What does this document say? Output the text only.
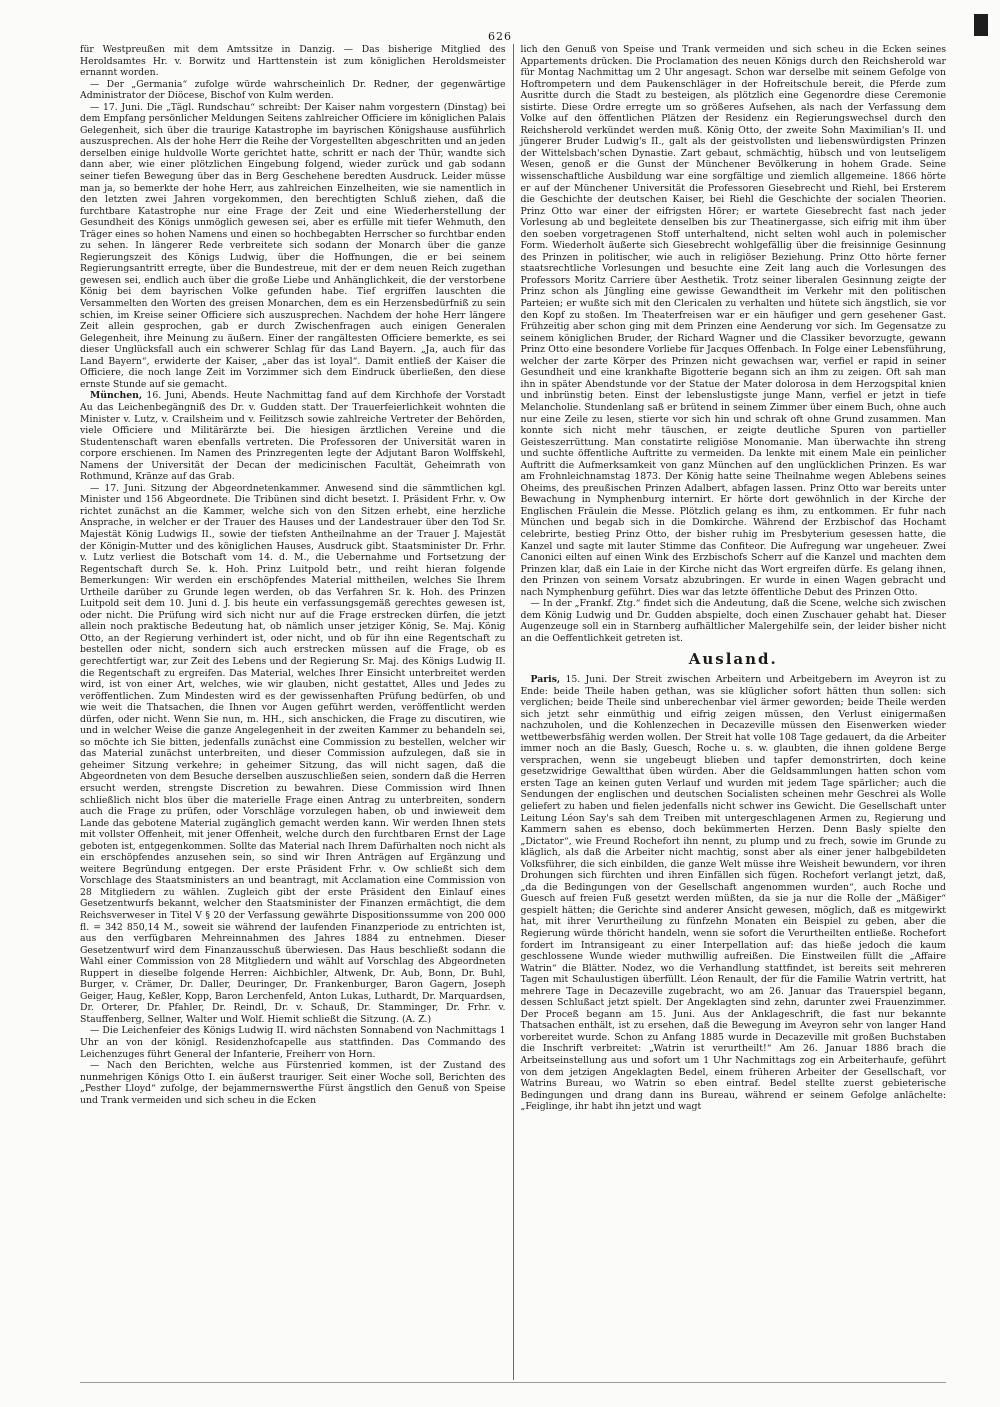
626

für Westpreußen mit dem Amtssitze in Danzig. — Das bisherige Mitglied des Heroldsamtes Hr. v. Borwitz und Harttenstein ist zum königlichen Heroldsmeister ernannt worden.

— Der „Germania“ zufolge würde wahrscheinlich Dr. Redner, der gegenwärtige Administrator der Diöcese, Bischof von Kulm werden.

— 17. Juni. Die „Tägl. Rundschau“ schreibt: Der Kaiser nahm vorgestern (Dinstag) bei dem Empfang persönlicher Meldungen Seitens zahlreicher Officiere im königlichen Palais Gelegenheit, sich über die traurige Katastrophe im bayrischen Königshause ausführlich auszusprechen. Als der hohe Herr die Reihe der Vorgestellten abgeschritten und an jeden derselben einige huldvolle Worte gerichtet hatte, schritt er nach der Thür, wandte sich dann aber, wie einer plötzlichen Eingebung folgend, wieder zurück und gab sodann seiner tiefen Bewegung über das in Berg Geschehene beredten Ausdruck. Leider müsse man ja, so bemerkte der hohe Herr, aus zahlreichen Einzelheiten, wie sie namentlich in den letzten zwei Jahren vorgekommen, den berechtigten Schluß ziehen, daß die furchtbare Katastrophe nur eine Frage der Zeit und eine Wiederherstellung der Gesundheit des Königs unmöglich gewesen sei, aber es erfülle mit tiefer Wehmuth, den Träger eines so hohen Namens und einen so hochbegabten Herrscher so furchtbar enden zu sehen. In längerer Rede verbreitete sich sodann der Monarch über die ganze Regierungszeit des Königs Ludwig, über die Hoffnungen, die er bei seinem Regierungsantritt erregte, über die Bundestreue, mit der er dem neuen Reich zugethan gewesen sei, endlich auch über die große Liebe und Anhänglichkeit, die der verstorbene König bei dem bayrischen Volke gefunden habe. Tief ergriffen lauschten die Versammelten den Worten des greisen Monarchen, dem es ein Herzensbedürfniß zu sein schien, im Kreise seiner Officiere sich auszusprechen. Nachdem der hohe Herr längere Zeit allein gesprochen, gab er durch Zwischenfragen auch einigen Generalen Gelegenheit, ihre Meinung zu äußern. Einer der rangältesten Officiere bemerkte, es sei dieser Unglücksfall auch ein schwerer Schlag für das Land Bayern. „Ja, auch für das Land Bayern“, erwiderte der Kaiser, „aber das ist loyal“. Damit entließ der Kaiser die Officiere, die noch lange Zeit im Vorzimmer sich dem Eindruck überließen, den diese ernste Stunde auf sie gemacht.

München, 16. Juni, Abends. Heute Nachmittag fand auf dem Kirchhofe der Vorstadt Au das Leichenbegängniß des Dr. v. Gudden statt. Der Trauerfeierlichkeit wohnten die Minister v. Lutz, v. Crailsheim und v. Feilitzsch sowie zahlreiche Vertreter der Behörden, viele Officiere und Militärärzte bei. Die hiesigen ärztlichen Vereine und die Studentenschaft waren ebenfalls vertreten. Die Professoren der Universität waren in corpore erschienen. Im Namen des Prinzregenten legte der Adjutant Baron Wolffskehl, Namens der Universität der Decan der medicinischen Facultät, Geheimrath von Rothmund, Kränze auf das Grab.

— 17. Juni. Sitzung der Abgeordnetenkammer. Anwesend sind die sämmtlichen kgl. Minister und 156 Abgeordnete. Die Tribünen sind dicht besetzt. I. Präsident Frhr. v. Ow richtet zunächst an die Kammer, welche sich von den Sitzen erhebt, eine herzliche Ansprache, in welcher er der Trauer des Hauses und der Landestrauer über den Tod Sr. Majestät König Ludwigs II., sowie der tiefsten Antheilnahme an der Trauer J. Majestät der Königin-Mutter und des königlichen Hauses, Ausdruck gibt. Staatsminister Dr. Frhr. v. Lutz verliest die Botschaft vom 14. d. M., die Uebernahme und Fortsetzung der Regentschaft durch Se. k. Hoh. Prinz Luitpold betr., und reiht hieran folgende Bemerkungen: Wir werden ein erschöpfendes Material mittheilen, welches Sie Ihrem Urtheile darüber zu Grunde legen werden, ob das Verfahren Sr. k. Hoh. des Prinzen Luitpold seit dem 10. Juni d. J. bis heute ein verfassungsgemäß gerechtes gewesen ist, oder nicht. Die Prüfung wird sich nicht nur auf die Frage erstrecken dürfen, die jetzt allein noch praktische Bedeutung hat, ob nämlich unser jetziger König, Se. Maj. König Otto, an der Regierung verhindert ist, oder nicht, und ob für ihn eine Regentschaft zu bestellen oder nicht, sondern sich auch erstrecken müssen auf die Frage, ob es gerechtfertigt war, zur Zeit des Lebens und der Regierung Sr. Maj. des Königs Ludwig II. die Regentschaft zu ergreifen. Das Material, welches Ihrer Einsicht unterbreitet werden wird, ist von einer Art, welches, wie wir glauben, nicht gestattet, Alles und Jedes zu veröffentlichen. Zum Mindesten wird es der gewissenhaften Prüfung bedürfen, ob und wie weit die Thatsachen, die Ihnen vor Augen geführt werden, veröffentlicht werden dürfen, oder nicht. Wenn Sie nun, m. HH., sich anschicken, die Frage zu discutiren, wie und in welcher Weise die ganze Angelegenheit in der zweiten Kammer zu behandeln sei, so möchte ich Sie bitten, jedenfalls zunächst eine Commission zu bestellen, welcher wir das Material zunächst unterbreiten, und dieser Commission aufzulegen, daß sie in geheimer Sitzung verkehre; in geheimer Sitzung, das will nicht sagen, daß die Abgeordneten von dem Besuche derselben auszuschließen seien, sondern daß die Herren ersucht werden, strengste Discretion zu bewahren. Diese Commission wird Ihnen schließlich nicht blos über die materielle Frage einen Antrag zu unterbreiten, sondern auch die Frage zu prüfen, oder Vorschläge vorzulegen haben, ob und inwieweit dem Lande das gebotene Material zugänglich gemacht werden kann. Wir werden Ihnen stets mit vollster Offenheit, mit jener Offenheit, welche durch den furchtbaren Ernst der Lage geboten ist, entgegenkommen. Sollte das Material nach Ihrem Dafürhalten noch nicht als ein erschöpfendes anzusehen sein, so sind wir Ihren Anträgen auf Ergänzung und weitere Begründung entgegen. Der erste Präsident Frhr. v. Ow schließt sich dem Vorschlage des Staatsministers an und beantragt, mit Acclamation eine Commission von 28 Mitgliedern zu wählen. Zugleich gibt der erste Präsident den Einlauf eines Gesetzentwurfs bekannt, welcher den Staatsminister der Finanzen ermächtigt, die dem Reichsverweser in Titel V § 20 der Verfassung gewährte Dispositionssumme von 200 000 fl. = 342 850,14 M., soweit sie während der laufenden Finanzperiode zu entrichten ist, aus den verfügbaren Mehreinnahmen des Jahres 1884 zu entnehmen. Dieser Gesetzentwurf wird dem Finanzausschuß überwiesen. Das Haus beschließt sodann die Wahl einer Commission von 28 Mitgliedern und wählt auf Vorschlag des Abgeordneten Ruppert in dieselbe folgende Herren: Aichbichler, Altwenk, Dr. Aub, Bonn, Dr. Buhl, Burger, v. Crämer, Dr. Daller, Deuringer, Dr. Frankenburger, Baron Gagern, Joseph Geiger, Haug, Keßler, Kopp, Baron Lerchenfeld, Anton Lukas, Luthardt, Dr. Marquardsen, Dr. Orterer, Dr. Pfahler, Dr. Reindl, Dr. v. Schauß, Dr. Stamminger, Dr. Frhr. v. Stauffenberg, Sellner, Walter und Wolf. Hiemit schließt die Sitzung. (A. Z.)

— Die Leichenfeier des Königs Ludwig II. wird nächsten Sonnabend von Nachmittags 1 Uhr an von der königl. Residenzhofcapelle aus stattfinden. Das Commando des Leichenzuges führt General der Infanterie, Freiherr von Horn.

— Nach den Berichten, welche aus Fürstenried kommen, ist der Zustand des nunmehrigen Königs Otto I. ein äußerst trauriger. Seit einer Woche soll, Berichten des „Pesther Lloyd“ zufolge, der bejammernswerthe Fürst ängstlich den Genuß von Speise und Trank vermeiden und sich scheu in die Ecken

lich den Genuß von Speise und Trank vermeiden und sich scheu in die Ecken seines Appartements drücken. Die Proclamation des neuen Königs durch den Reichsherold war für Montag Nachmittag um 2 Uhr angesagt. Schon war derselbe mit seinem Gefolge von Hoftrompetern und dem Paukenschläger in der Hofreitschule bereit, die Pferde zum Ausritte durch die Stadt zu besteigen, als plötzlich eine Gegenordre diese Ceremonie sistirte. Diese Ordre erregte um so größeres Aufsehen, als nach der Verfassung dem Volke auf den öffentlichen Plätzen der Residenz ein Regierungswechsel durch den Reichsherold verkündet werden muß. König Otto, der zweite Sohn Maximilian's II. und jüngerer Bruder Ludwig's II., galt als der geistvollsten und liebenswürdigsten Prinzen der Wittelsbach'schen Dynastie. Zart gebaut, schmächtig, hübsch und von leutseligem Wesen, genoß er die Gunst der Münchener Bevölkerung in hohem Grade. Seine wissenschaftliche Ausbildung war eine sorgfältige und ziemlich allgemeine. 1866 hörte er auf der Münchener Universität die Professoren Giesebrecht und Riehl, bei Ersterem die Geschichte der deutschen Kaiser, bei Riehl die Geschichte der socialen Theorien. Prinz Otto war einer der eifrigsten Hörer; er wartete Giesebrecht fast nach jeder Vorlesung ab und begleitete denselben bis zur Theatinergasse, sich eifrig mit ihm über den soeben vorgetragenen Stoff unterhaltend, nicht selten wohl auch in polemischer Form. Wiederholt äußerte sich Giesebrecht wohlgefällig über die freisinnige Gesinnung des Prinzen in politischer, wie auch in religiöser Beziehung. Prinz Otto hörte ferner staatsrechtliche Vorlesungen und besuchte eine Zeit lang auch die Vorlesungen des Professors Moritz Carriere über Aesthetik. Trotz seiner liberalen Gesinnung zeigte der Prinz schon als Jüngling eine gewisse Gewandtheit im Verkehr mit den politischen Parteien; er wußte sich mit den Clericalen zu verhalten und hütete sich ängstlich, sie vor den Kopf zu stoßen. Im Theaterfreisen war er ein häufiger und gern gesehener Gast. Frühzeitig aber schon ging mit dem Prinzen eine Aenderung vor sich. Im Gegensatze zu seinem königlichen Bruder, der Richard Wagner und die Classiker bevorzugte, gewann Prinz Otto eine besondere Vorliebe für Jacques Offenbach. In Folge einer Lebensführung, welcher der zarte Körper des Prinzen nicht gewachsen war, verfiel er rapid in seiner Gesundheit und eine krankhafte Bigotterie begann sich an ihm zu zeigen. Oft sah man ihn in später Abendstunde vor der Statue der Mater dolorosa in dem Herzogspital knien und inbrünstig beten. Einst der lebenslustigste junge Mann, verfiel er jetzt in tiefe Melancholie. Stundenlang saß er brütend in seinem Zimmer über einem Buch, ohne auch nur eine Zeile zu lesen, stierte vor sich hin und schrak oft ohne Grund zusammen. Man konnte sich nicht mehr täuschen, er zeigte deutliche Spuren von partieller Geisteszerrüttung. Man constatirte religiöse Monomanie. Man überwachte ihn streng und suchte öffentliche Auftritte zu vermeiden. Da lenkte mit einem Male ein peinlicher Auftritt die Aufmerksamkeit von ganz München auf den unglücklichen Prinzen. Es war am Frohnleichnamstag 1873. Der König hatte seine Theilnahme wegen Ablebens seines Oheims, des preußischen Prinzen Adalbert, abfagen lassen. Prinz Otto war bereits unter Bewachung in Nymphenburg internirt. Er hörte dort gewöhnlich in der Kirche der Englischen Fräulein die Messe. Plötzlich gelang es ihm, zu entkommen. Er fuhr nach München und begab sich in die Domkirche. Während der Erzbischof das Hochamt celebrirte, bestieg Prinz Otto, der bisher ruhig im Presbyterium gesessen hatte, die Kanzel und sagte mit lauter Stimme das Confiteor. Die Aufregung war ungeheuer. Zwei Canonici eilten auf einen Wink des Erzbischofs Scherr auf die Kanzel und machten dem Prinzen klar, daß ein Laie in der Kirche nicht das Wort ergreifen dürfe. Es gelang ihnen, den Prinzen von seinem Vorsatz abzubringen. Er wurde in einen Wagen gebracht und nach Nymphenburg geführt. Dies war das letzte öffentliche Debut des Prinzen Otto.

— In der „Frankf. Ztg.“ findet sich die Andeutung, daß die Scene, welche sich zwischen dem König Ludwig und Dr. Gudden abspielte, doch einen Zuschauer gehabt hat. Dieser Augenzeuge soll ein in Starnberg aufhältlicher Malergehilfe sein, der leider bisher nicht an die Oeffentlichkeit getreten ist.

Ausland.

Paris, 15. Juni. Der Streit zwischen Arbeitern und Arbeitgebern im Aveyron ist zu Ende: beide Theile haben gethan, was sie klüglicher sofort hätten thun sollen: sich verglichen; beide Theile sind unberechenbar viel ärmer geworden; beide Theile werden sich jetzt sehr einmüthig und eifrig zeigen müssen, den Verlust einigermaßen nachzuholen, und die Kohlenzechen in Decazeville müssen den Eisenwerken wieder wettbewerbsfähig werden wollen. Der Streit hat volle 108 Tage gedauert, da die Arbeiter immer noch an die Basly, Guesch, Roche u. s. w. glaubten, die ihnen goldene Berge versprachen, wenn sie ungebeugt blieben und tapfer demonstrirten, doch keine gesetzwidrige Gewaltthat üben würden. Aber die Geldsammlungen hatten schon vom ersten Tage an keinen guten Verlauf und wurden mit jedem Tage spärlicher; auch die Sendungen der englischen und deutschen Socialisten scheinen mehr Geschrei als Wolle geliefert zu haben und fielen jedenfalls nicht schwer ins Gewicht. Die Gesellschaft unter Leitung Léon Say's sah dem Treiben mit untergeschlagenen Armen zu, Regierung und Kammern sahen es ebenso, doch bekümmerten Herzen. Denn Basly spielte den „Dictator“, wie Freund Rochefort ihn nennt, zu plump und zu frech, sowie im Grunde zu kläglich, als daß die Arbeiter nicht machtig, sonst aber als einer jener halbgebildeten Volksführer, die sich einbilden, die ganze Welt müsse ihre Weisheit bewundern, vor ihren Drohungen sich fürchten und ihren Einfällen sich fügen. Rochefort verlangt jetzt, daß, „da die Bedingungen von der Gesellschaft angenommen wurden“, auch Roche und Guesch auf freien Fuß gesetzt werden müßten, da sie ja nur die Rolle der „Mäßiger“ gespielt hätten; die Gerichte sind anderer Ansicht gewesen, möglich, daß es mitgewirkt hat, mit ihrer Verurtheilung zu fünfzehn Monaten ein Beispiel zu geben, aber die Regierung würde thöricht handeln, wenn sie sofort die Verurtheilten entließe. Rochefort fordert im Intransigeant zu einer Interpellation auf: das hieße jedoch die kaum geschlossene Wunde wieder muthwillig aufreißen. Die Einstweilen füllt die „Affaire Watrin“ die Blätter. Nodez, wo die Verhandlung stattfindet, ist bereits seit mehreren Tagen mit Schaulustigen überfüllt. Léon Renault, der für die Familie Watrin vertritt, hat mehrere Tage in Decazeville zugebracht, wo am 26. Januar das Trauerspiel begann, dessen Schlußact jetzt spielt. Der Angeklagten sind zehn, darunter zwei Frauenzimmer. Der Proceß begann am 15. Juni. Aus der Anklageschrift, die fast nur bekannte Thatsachen enthält, ist zu ersehen, daß die Bewegung im Aveyron sehr von langer Hand vorbereitet wurde. Schon zu Anfang 1885 wurde in Decazeville mit großen Buchstaben die Inschrift verbreitet: „Watrin ist verurtheilt!“ Am 26. Januar 1886 brach die Arbeitseinstellung aus und sofort um 1 Uhr Nachmittags zog ein Arbeiterhaufe, geführt von dem jetzigen Angeklagten Bedel, einem früheren Arbeiter der Gesellschaft, vor Watrins Bureau, wo Watrin so eben eintraf. Bedel stellte zuerst gebieterische Bedingungen und drang dann ins Bureau, während er seinem Gefolge anlächelte: „Feiglinge, ihr habt ihn jetzt und wagt
